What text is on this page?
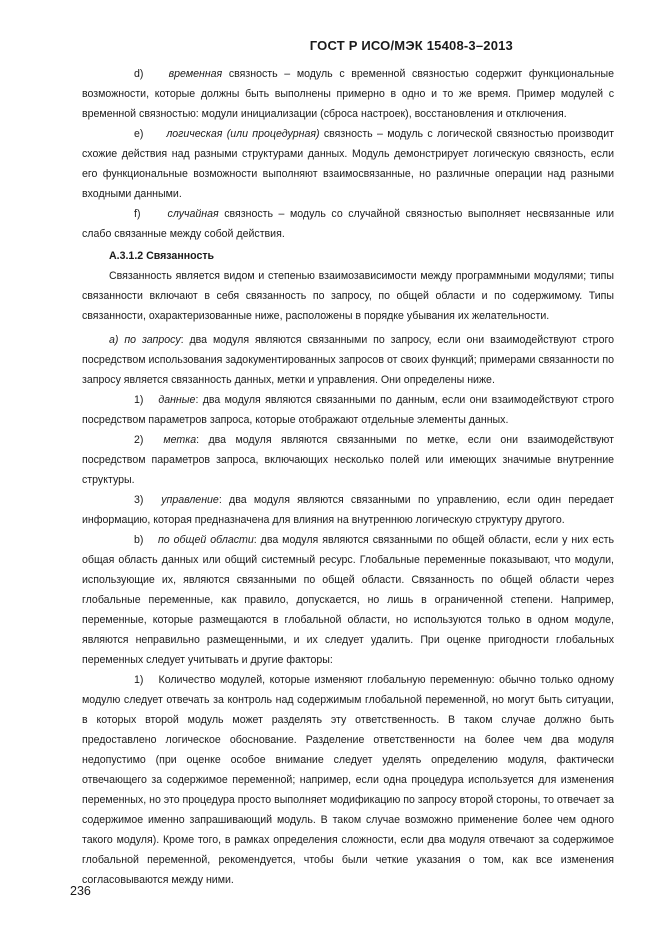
ГОСТ Р ИСО/МЭК 15408-3–2013

d) временная связность – модуль с временной связностью содержит функциональные возможности, которые должны быть выполнены примерно в одно и то же время. Пример модулей с временной связностью: модули инициализации (сброса настроек), восстановления и отключения.

e) логическая (или процедурная) связность – модуль с логической связностью производит схожие действия над разными структурами данных. Модуль демонстрирует логическую связность, если его функциональные возможности выполняют взаимосвязанные, но различные операции над разными входными данными.

f)	случайная связность – модуль со случайной связностью выполняет несвязанные или слабо связанные между собой действия.

А.3.1.2 Связанность

Связанность является видом и степенью взаимозависимости между программными модулями; типы связанности включают в себя связанность по запросу, по общей области и по содержимому. Типы связанности, охарактеризованные ниже, расположены в порядке убывания их желательности.

a) по запросу: два модуля являются связанными по запросу, если они взаимодействуют строго посредством использования задокументированных запросов от своих функций; примерами связанности по запросу является связанность данных, метки и управления. Они определены ниже.

1) данные: два модуля являются связанными по данным, если они взаимодействуют строго посредством параметров запроса, которые отображают отдельные элементы данных.

2) метка: два модуля являются связанными по метке, если они взаимодействуют посредством параметров запроса, включающих несколько полей или имеющих значимые внутренние структуры.

3) управление: два модуля являются связанными по управлению, если один передает информацию, которая предназначена для влияния на внутреннюю логическую структуру другого.

b) по общей области: два модуля являются связанными по общей области, если у них есть общая область данных или общий системный ресурс. Глобальные переменные показывают, что модули, использующие их, являются связанными по общей области. Связанность по общей области через глобальные переменные, как правило, допускается, но лишь в ограниченной степени. Например, переменные, которые размещаются в глобальной области, но используются только в одном модуле, являются неправильно размещенными, и их следует удалить. При оценке пригодности глобальных переменных следует учитывать и другие факторы:

1) Количество модулей, которые изменяют глобальную переменную: обычно только одному модулю следует отвечать за контроль над содержимым глобальной переменной, но могут быть ситуации, в которых второй модуль может разделять эту ответственность. В таком случае должно быть предоставлено логическое обоснование. Разделение ответственности на более чем два модуля недопустимо (при оценке особое внимание следует уделять определению модуля, фактически отвечающего за содержимое переменной; например, если одна процедура используется для изменения переменных, но это процедура просто выполняет модификацию по запросу второй стороны, то отвечает за содержимое именно запрашивающий модуль. В таком случае возможно применение более чем одного такого модуля). Кроме того, в рамках определения сложности, если два модуля отвечают за содержимое глобальной переменной, рекомендуется, чтобы были четкие указания о том, как все изменения согласовываются между ними.

236
